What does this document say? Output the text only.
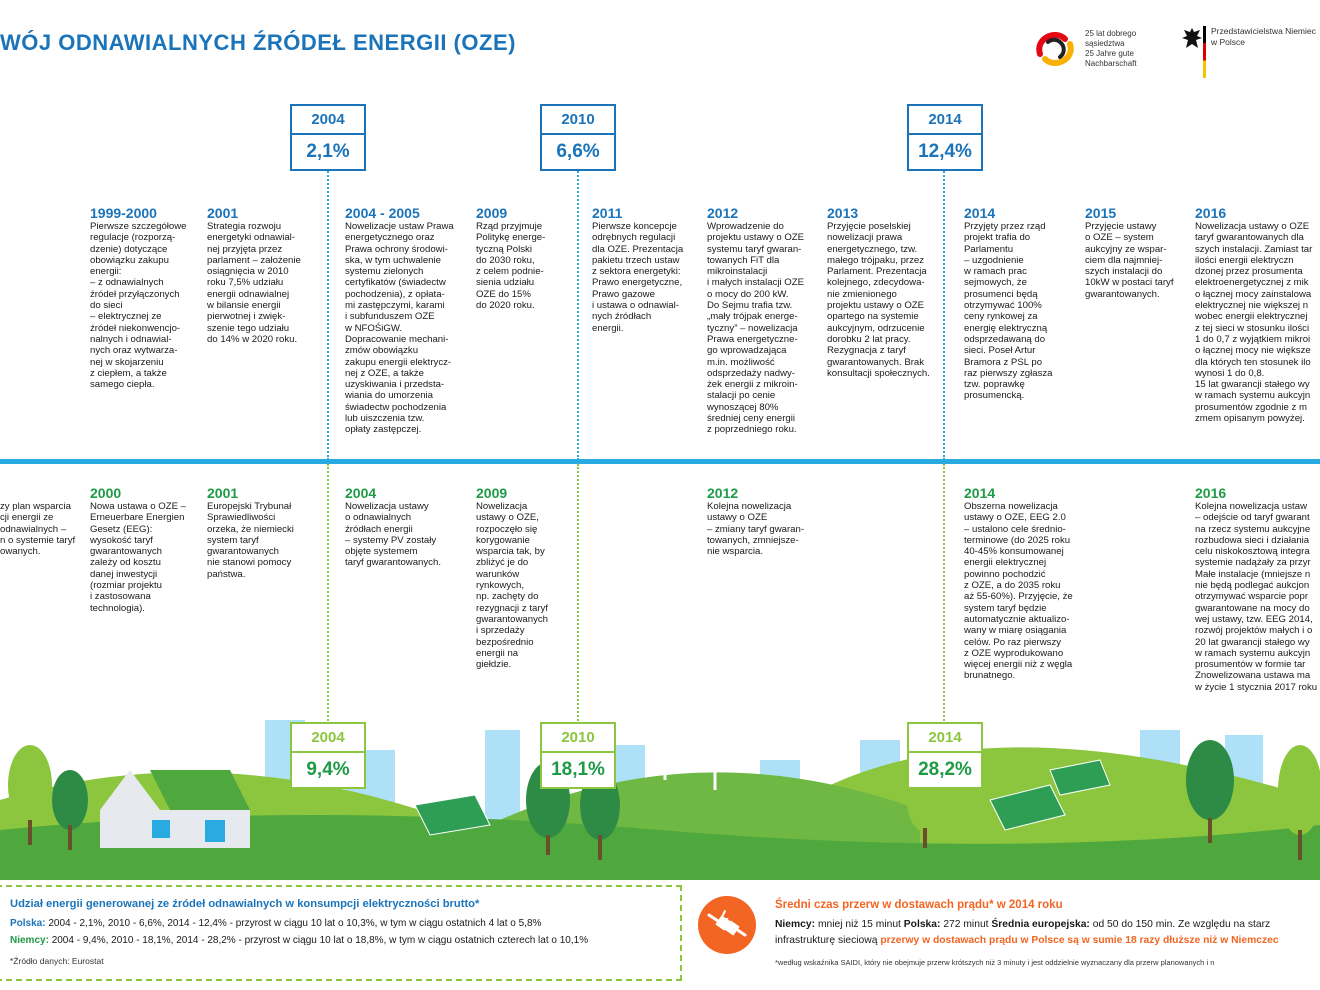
WÓJ ODNAWIALNYCH ŹRÓDEŁ ENERGII (OZE)	25 lat dobrego sąsiedztwa
25 Jahre gute Nachbarschaft
Przedstawicielstwa Niemiec w Polsce
2004
2,1%
2010
6,6%
2014
12,4%
1999-2000
Pierwsze szczegółowe
regulacje (rozporzą-
dzenie) dotyczące
obowiązku zakupu
energii:
– z odnawialnych
źródeł przyłączonych
do sieci
– elektrycznej ze
źródeł niekonwencjo-
nalnych i odnawial-
nych oraz wytwarza-
nej w skojarzeniu
z ciepłem, a także
samego ciepła.
2001
Strategia rozwoju
energetyki odnawial-
nej przyjęta przez
parlament – założenie
osiągnięcia w 2010
roku 7,5% udziału
energii odnawialnej
w bilansie energii
pierwotnej i zwięk-
szenie tego udziału
do 14% w 2020 roku.
2004 - 2005
Nowelizacje ustaw Prawa
energetycznego oraz
Prawa ochrony środowi-
ska, w tym uchwalenie
systemu zielonych
certyfikatów (świadectw
pochodzenia), z opłata-
mi zastępczymi, karami
i subfunduszem OZE
w NFOŚiGW.
Dopracowanie mechani-
zmów obowiązku
zakupu energii elektrycz-
nej z OZE, a także
uzyskiwania i przedsta-
wiania do umorzenia
świadectw pochodzenia
lub uiszczenia tzw.
opłaty zastępczej.
2009
Rząd przyjmuje
Politykę energe-
tyczną Polski
do 2030 roku,
z celem podnie-
sienia udziału
OZE do 15%
do 2020 roku.
2011
Pierwsze koncepcje
odrębnych regulacji
dla OZE. Prezentacja
pakietu trzech ustaw
z sektora energetyki:
Prawo energetyczne,
Prawo gazowe
i ustawa o odnawial-
nych źródłach
energii.
2012
Wprowadzenie do
projektu ustawy o OZE
systemu taryf gwaran-
towanych FiT dla
mikroinstalacji
i małych instalacji OZE
o mocy do 200 kW.
Do Sejmu trafia tzw.
„mały trójpak energe-
tyczny” – nowelizacja
Prawa energetyczne-
go wprowadzająca
m.in. możliwość
odsprzedaży nadwy-
żek energii z mikroin-
stalacji po cenie
wynoszącej 80%
średniej ceny energii
z poprzedniego roku.
2013
Przyjęcie poselskiej
nowelizacji prawa
energetycznego, tzw.
małego trójpaku, przez
Parlament. Prezentacja
kolejnego, zdecydowa-
nie zmienionego
projektu ustawy o OZE
opartego na systemie
aukcyjnym, odrzucenie
dorobku 2 lat pracy.
Rezygnacja z taryf
gwarantowanych. Brak
konsultacji społecznych.
2014
Przyjęty przez rząd
projekt trafia do
Parlamentu
– uzgodnienie
w ramach prac
sejmowych, że
prosumenci będą
otrzymywać 100%
ceny rynkowej za
energię elektryczną
odsprzedawaną do
sieci. Poseł Artur
Bramora z PSL po
raz pierwszy zgłasza
tzw. poprawkę
prosumencką.
2015
Przyjęcie ustawy
o OZE – system
aukcyjny ze wspar-
ciem dla najmniej-
szych instalacji do
10kW w postaci taryf
gwarantowanych.
2016
Nowelizacja ustawy o OZE
taryf gwarantowanych dla
szych instalacji. Zamiast tar
ilości energii elektryczn
dzonej przez prosumenta
elektroenergetycznej z mik
o łącznej mocy zainstalowa
elektrycznej nie większej n
wobec energii elektrycznej
z tej sieci w stosunku ilości
1 do 0,7 z wyjątkiem mikroi
o łącznej mocy nie większe
dla których ten stosunek ilo
wynosi 1 do 0,8.
15 lat gwarancji stałego wy
w ramach systemu aukcyjn
prosumentów zgodnie z m
zmem opisanym powyżej.
zy plan wsparcia
cji energii ze
odnawialnych –
n o systemie taryf
owanych.
2000
Nowa ustawa o OZE –
Erneuerbare Energien
Gesetz (EEG):
wysokość taryf
gwarantowanych
zależy od kosztu
danej inwestycji
(rozmiar projektu
i zastosowana
technologia).
2001
Europejski Trybunał
Sprawiedliwości
orzeka, że niemiecki
system taryf
gwarantowanych
nie stanowi pomocy
państwa.
2004
Nowelizacja ustawy
o odnawialnych
źródłach energii
– systemy PV zostały
objęte systemem
taryf gwarantowanych.
2009
Nowelizacja
ustawy o OZE,
rozpoczęło się
korygowanie
wsparcia tak, by
zbliżyć je do
warunków
rynkowych,
np. zachęty do
rezygnacji z taryf
gwarantowanych
i sprzedaży
bezpośrednio
energii na
giełdzie.
2012
Kolejna nowelizacja
ustawy o OZE
– zmiany taryf gwaran-
towanych, zmniejsze-
nie wsparcia.
2014
Obszerna nowelizacja
ustawy o OZE, EEG 2.0
– ustalono cele średnio-
terminowe (do 2025 roku
40-45% konsumowanej
energii elektrycznej
powinno pochodzić
z OZE, a do 2035 roku
aż 55-60%). Przyjęcie, że
system taryf będzie
automatycznie aktualizo-
wany w miarę osiągania
celów. Po raz pierwszy
z OZE wyprodukowano
więcej energii niż z węgla
brunatnego.
2016
Kolejna nowelizacja ustaw
– odejście od taryf gwarant
na rzecz systemu aukcyjne
rozbudowa sieci i działania
celu niskokosztową integra
systemie nadążały za przyr
Małe instalacje (mniejsze n
nie będą podlegać aukcjon
otrzymywać wsparcie popr
gwarantowane na mocy do
wej ustawy, tzw. EEG 2014,
rozwój projektów małych i o
20 lat gwarancji stałego wy
w ramach systemu aukcyjn
prosumentów w formie tar
Znowelizowana ustawa ma
w życie 1 stycznia 2017 roku
2004
9,4%
2010
18,1%
2014
28,2%
Udział energii generowanej ze źródeł odnawialnych w konsumpcji elektryczności brutto*
Polska: 2004 - 2,1%, 2010 - 6,6%, 2014 - 12,4% - przyrost w ciągu 10 lat o 10,3%, w tym w ciągu ostatnich 4 lat o 5,8%
Niemcy: 2004 - 9,4%, 2010 - 18,1%, 2014 - 28,2% - przyrost w ciągu 10 lat o 18,8%, w tym w ciągu ostatnich czterech lat o 10,1%
*Źródło danych: Eurostat
Średni czas przerw w dostawach prądu* w 2014 roku
Niemcy: mniej niż 15 minut Polska: 272 minut Średnia europejska: od 50 do 150 min. Ze względu na starz
infrastrukturę sieciową przerwy w dostawach prądu w Polsce są w sumie 18 razy dłuższe niż w Niemczec
*według wskaźnika SAIDI, który nie obejmuje przerw krótszych niż 3 minuty i jest oddzielnie wyznaczany dla przerw planowanych i n
